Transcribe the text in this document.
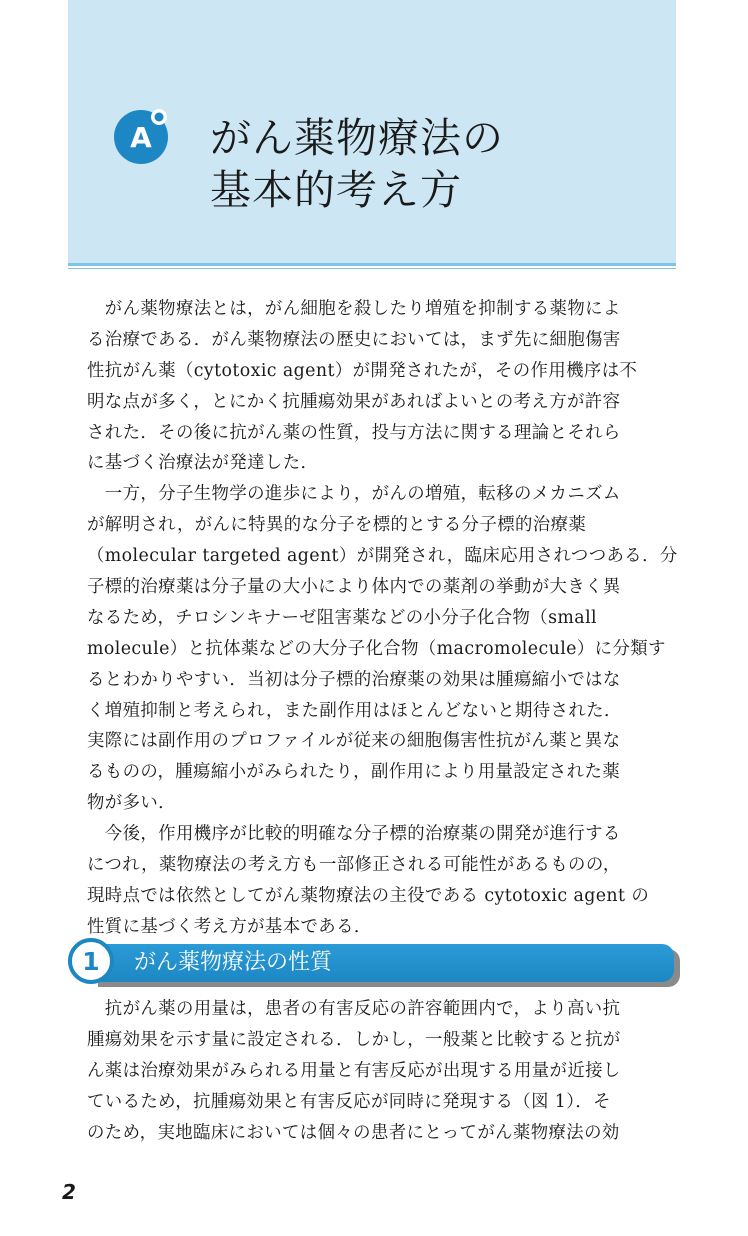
A がん薬物療法の
基本的考え方
　がん薬物療法とは，がん細胞を殺したり増殖を抑制する薬物によ
る治療である．がん薬物療法の歴史においては，まず先に細胞傷害
性抗がん薬（cytotoxic agent）が開発されたが，その作用機序は不
明な点が多く，とにかく抗腫瘍効果があればよいとの考え方が許容
された．その後に抗がん薬の性質，投与方法に関する理論とそれら
に基づく治療法が発達した．
　一方，分子生物学の進歩により，がんの増殖，転移のメカニズム
が解明され，がんに特異的な分子を標的とする分子標的治療薬
（molecular targeted agent）が開発され，臨床応用されつつある．分
子標的治療薬は分子量の大小により体内での薬剤の挙動が大きく異
なるため，チロシンキナーゼ阻害薬などの小分子化合物（small
molecule）と抗体薬などの大分子化合物（macromolecule）に分類す
るとわかりやすい．当初は分子標的治療薬の効果は腫瘍縮小ではな
く増殖抑制と考えられ，また副作用はほとんどないと期待された．
実際には副作用のプロファイルが従来の細胞傷害性抗がん薬と異な
るものの，腫瘍縮小がみられたり，副作用により用量設定された薬
物が多い．
　今後，作用機序が比較的明確な分子標的治療薬の開発が進行する
につれ，薬物療法の考え方も一部修正される可能性があるものの，
現時点では依然としてがん薬物療法の主役である cytotoxic agent の
性質に基づく考え方が基本である．
1	がん薬物療法の性質
　抗がん薬の用量は，患者の有害反応の許容範囲内で，より高い抗
腫瘍効果を示す量に設定される．しかし，一般薬と比較すると抗が
ん薬は治療効果がみられる用量と有害反応が出現する用量が近接し
ているため，抗腫瘍効果と有害反応が同時に発現する（図 1）．そ
のため，実地臨床においては個々の患者にとってがん薬物療法の効
2
